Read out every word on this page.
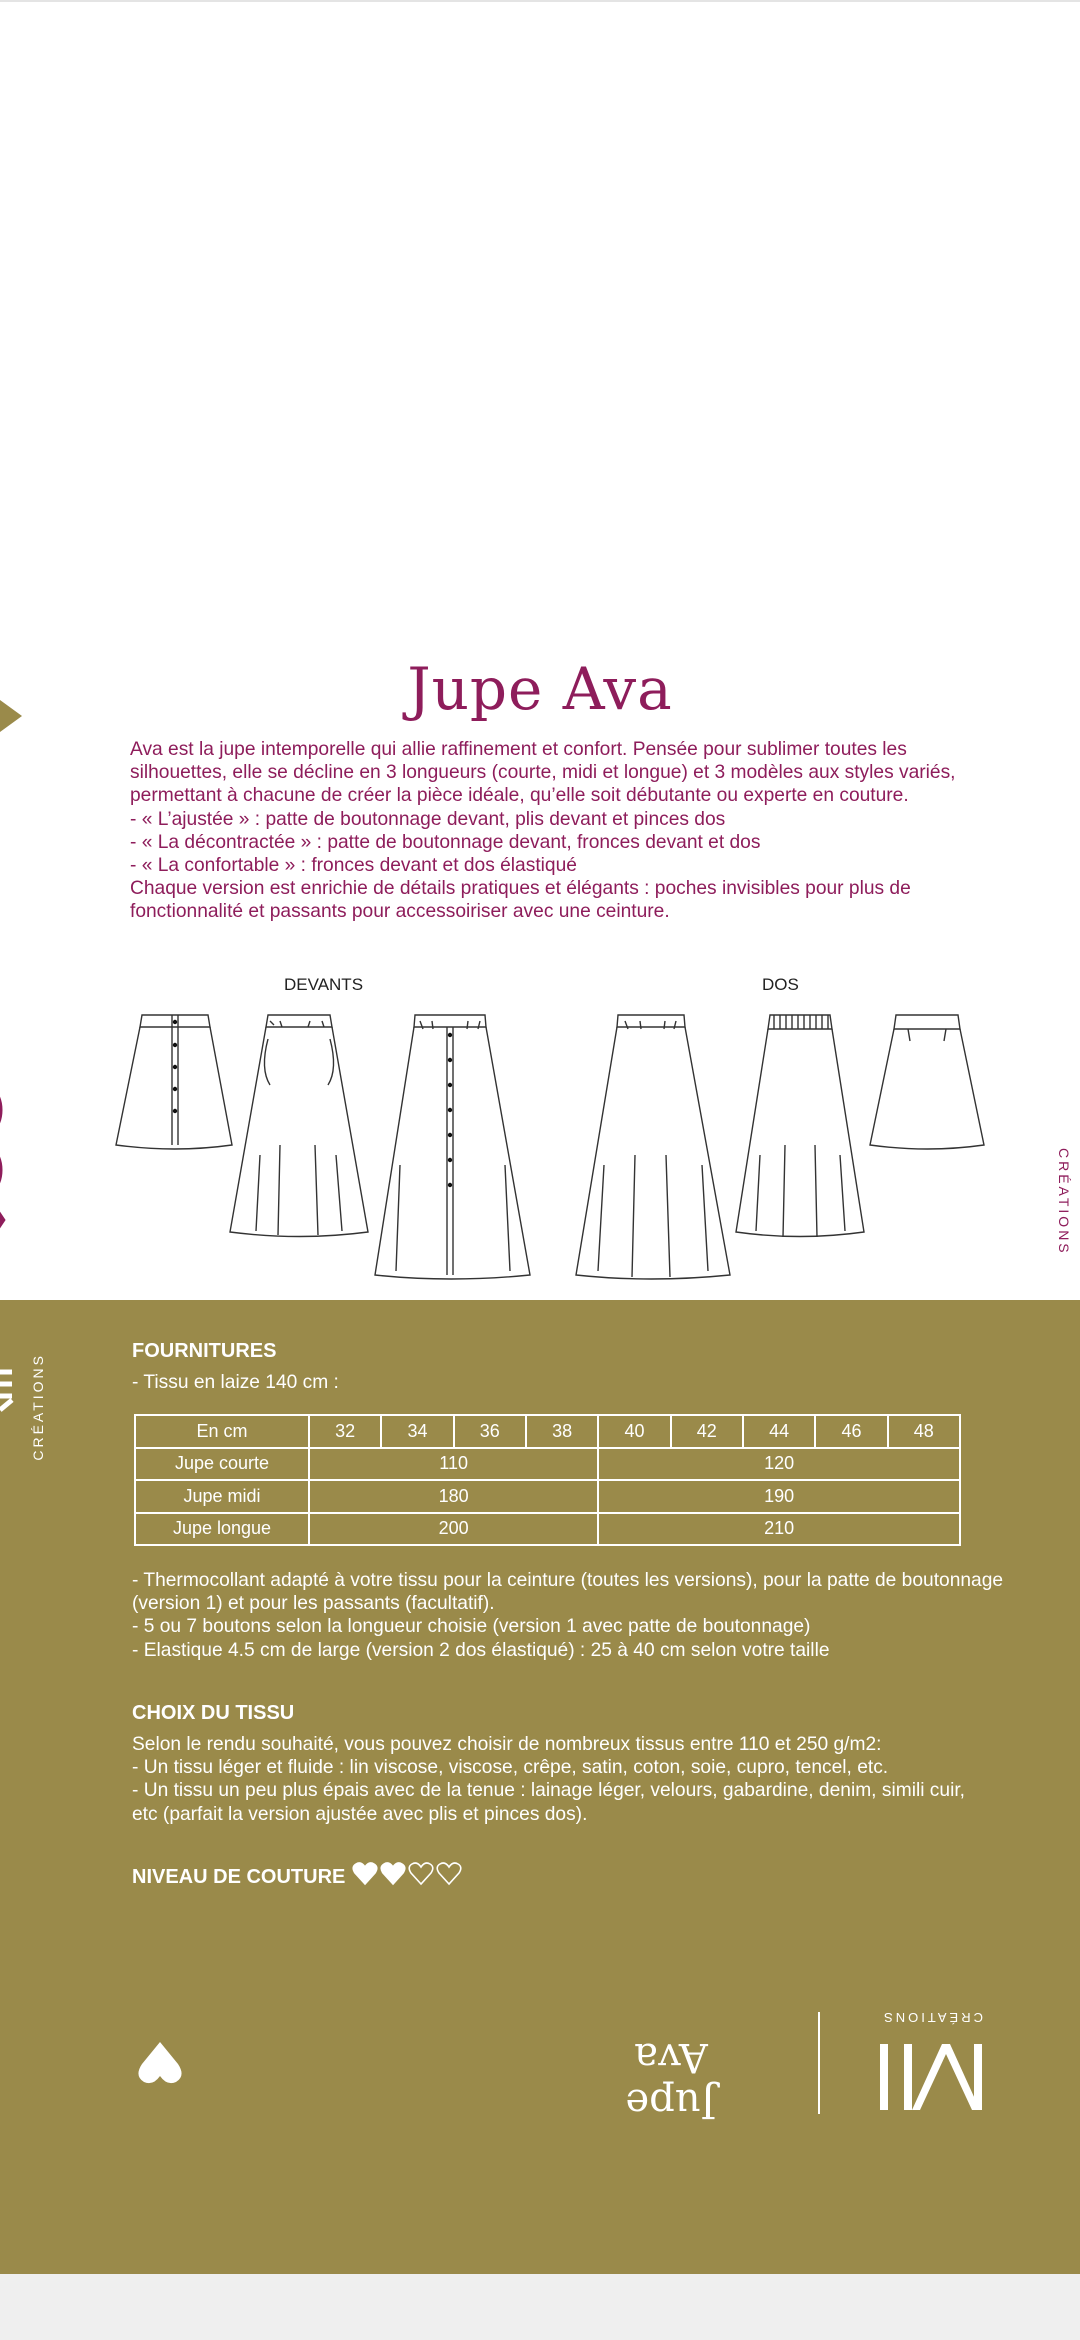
CRÉATIONS
Jupe Ava

Ava est la jupe intemporelle qui allie raffinement et confort. Pensée pour sublimer toutes les silhouettes, elle se décline en 3 longueurs (courte, midi et longue) et 3 modèles aux styles variés, permettant à chacune de créer la pièce idéale, qu’elle soit débutante ou experte en couture.

- « L’ajustée » : patte de boutonnage devant, plis devant et pinces dos

- « La décontractée » : patte de boutonnage devant, fronces devant et dos

- « La confortable » : fronces devant et dos élastiqué

Chaque version est enrichie de détails pratiques et élégants : poches invisibles pour plus de fonctionnalité et passants pour accessoiriser avec une ceinture.

DEVANTS	DOS
CRÉATIONS
FOURNITURES
- Tissu en laize 140 cm :
En cm	32	34	36	38	40	42	44	46	48
Jupe courte	110				120				
Jupe midi	180				190				
Jupe longue	200				210				

- Thermocollant adapté à votre tissu pour la ceinture (toutes les versions), pour la patte de boutonnage (version 1) et pour les passants (facultatif).

- 5 ou 7 boutons selon la longueur choisie (version 1 avec patte de boutonnage)

- Elastique 4.5 cm de large (version 2 dos élastiqué) : 25 à 40 cm selon votre taille

CHOIX DU TISSU

Selon le rendu souhaité, vous pouvez choisir de nombreux tissus entre 110 et 250 g/m2:

- Un tissu léger et fluide : lin viscose, viscose, crêpe, satin, coton, soie, cupro, tencel, etc.

- Un tissu un peu plus épais avec de la tenue : lainage léger, velours, gabardine, denim, simili cuir, etc (parfait la version ajustée avec plis et pinces dos).

NIVEAU DE COUTURE
Jupe Ava
CRÉATIONS
